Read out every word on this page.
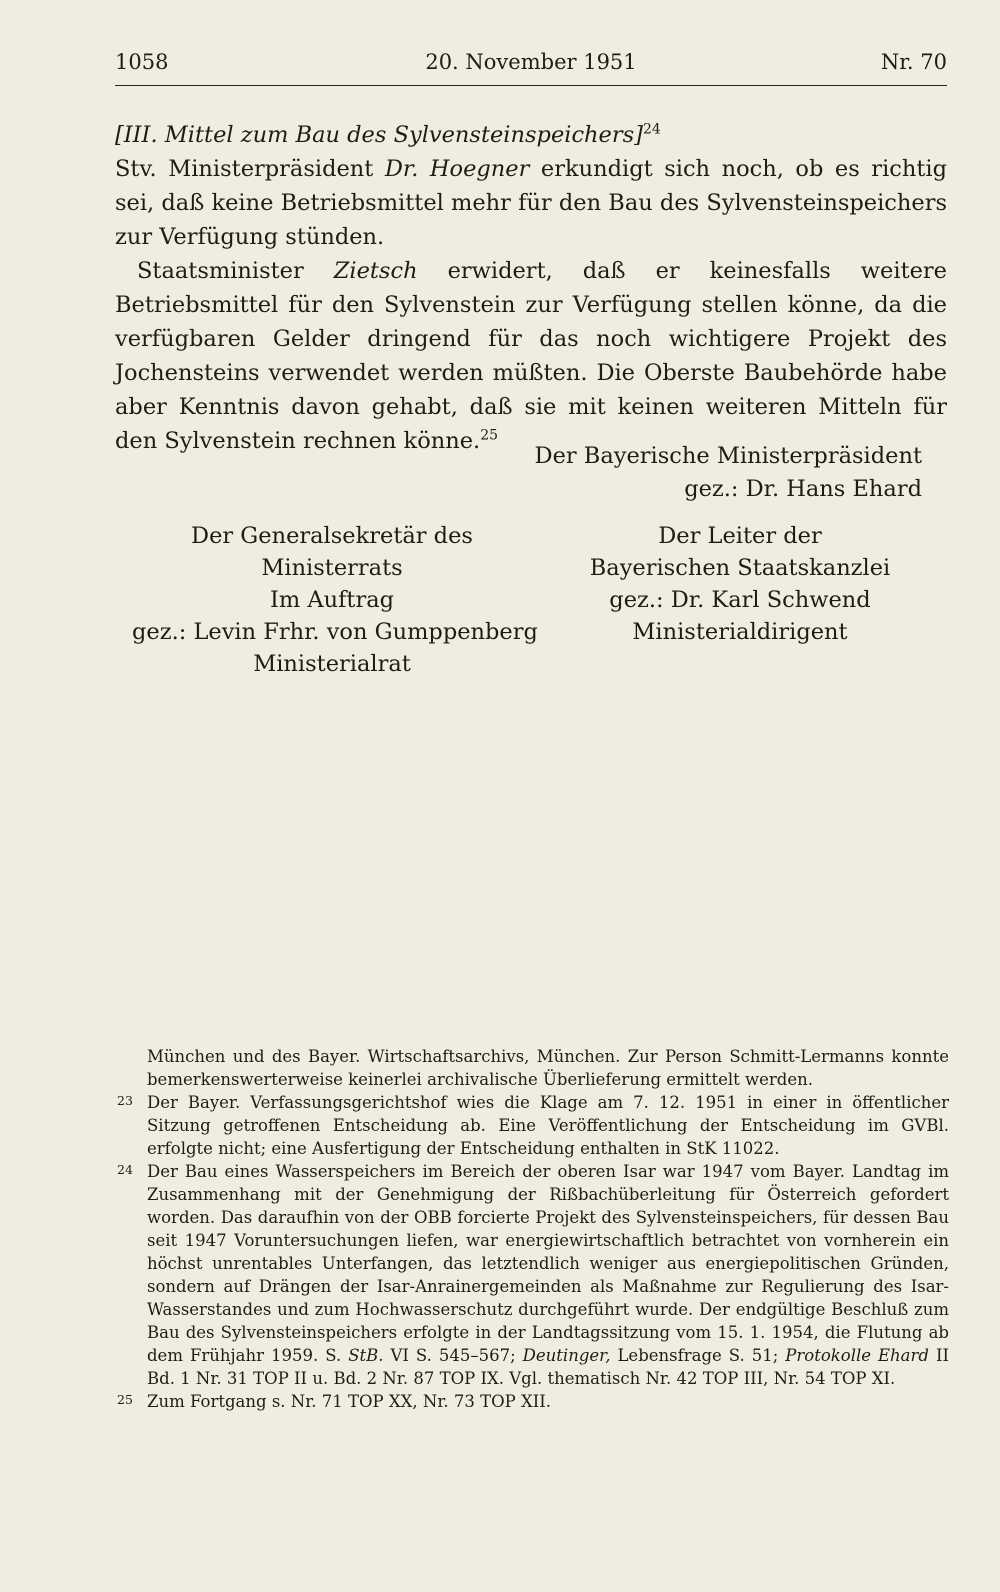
1058	20. November 1951	Nr. 70

[III. Mittel zum Bau des Sylvensteinspeichers]$^{24}$

Stv. Ministerpräsident Dr. Hoegner erkundigt sich noch, ob es richtig sei, daß keine Betriebsmittel mehr für den Bau des Sylvensteinspeichers zur Verfügung stünden.

Staatsminister Zietsch erwidert, daß er keinesfalls weitere Betriebsmittel für den Sylvenstein zur Verfügung stellen könne, da die verfügbaren Gelder dringend für das noch wichtigere Projekt des Jochensteins verwendet werden müßten. Die Oberste Baubehörde habe aber Kenntnis davon gehabt, daß sie mit keinen weiteren Mitteln für den Sylvenstein rechnen könne.$^{25}$

Der Bayerische Ministerpräsident
gez.: Dr. Hans Ehard
Der Generalsekretär des
Ministerrats
Im Auftrag
gez.: Levin Frhr. von Gumppenberg
Ministerialrat
Der Leiter der
Bayerischen Staatskanzlei
gez.: Dr. Karl Schwend
Ministerialdirigent

München und des Bayer. Wirtschaftsarchivs, München. Zur Person Schmitt-Lermanns konnte bemerkenswerterweise keinerlei archivalische Überlieferung ermittelt werden.

23 Der Bayer. Verfassungsgerichtshof wies die Klage am 7. 12. 1951 in einer in öffentlicher Sitzung getroffenen Entscheidung ab. Eine Veröffentlichung der Entscheidung im GVBl. erfolgte nicht; eine Ausfertigung der Entscheidung enthalten in StK 11022.

24 Der Bau eines Wasserspeichers im Bereich der oberen Isar war 1947 vom Bayer. Landtag im Zusammenhang mit der Genehmigung der Rißbachüberleitung für Österreich gefordert worden. Das daraufhin von der OBB forcierte Projekt des Sylvensteinspeichers, für dessen Bau seit 1947 Voruntersuchungen liefen, war energiewirtschaftlich betrachtet von vornherein ein höchst unrentables Unterfangen, das letztendlich weniger aus energiepolitischen Gründen, sondern auf Drängen der Isar-Anrainergemeinden als Maßnahme zur Regulierung des Isar-Wasserstandes und zum Hochwasserschutz durchgeführt wurde. Der endgültige Beschluß zum Bau des Sylvensteinspeichers erfolgte in der Landtagssitzung vom 15. 1. 1954, die Flutung ab dem Frühjahr 1959. S. StB. VI S. 545–567; Deutinger, Lebensfrage S. 51; Protokolle Ehard II Bd. 1 Nr. 31 TOP II u. Bd. 2 Nr. 87 TOP IX. Vgl. thematisch Nr. 42 TOP III, Nr. 54 TOP XI.

25 Zum Fortgang s. Nr. 71 TOP XX, Nr. 73 TOP XII.
